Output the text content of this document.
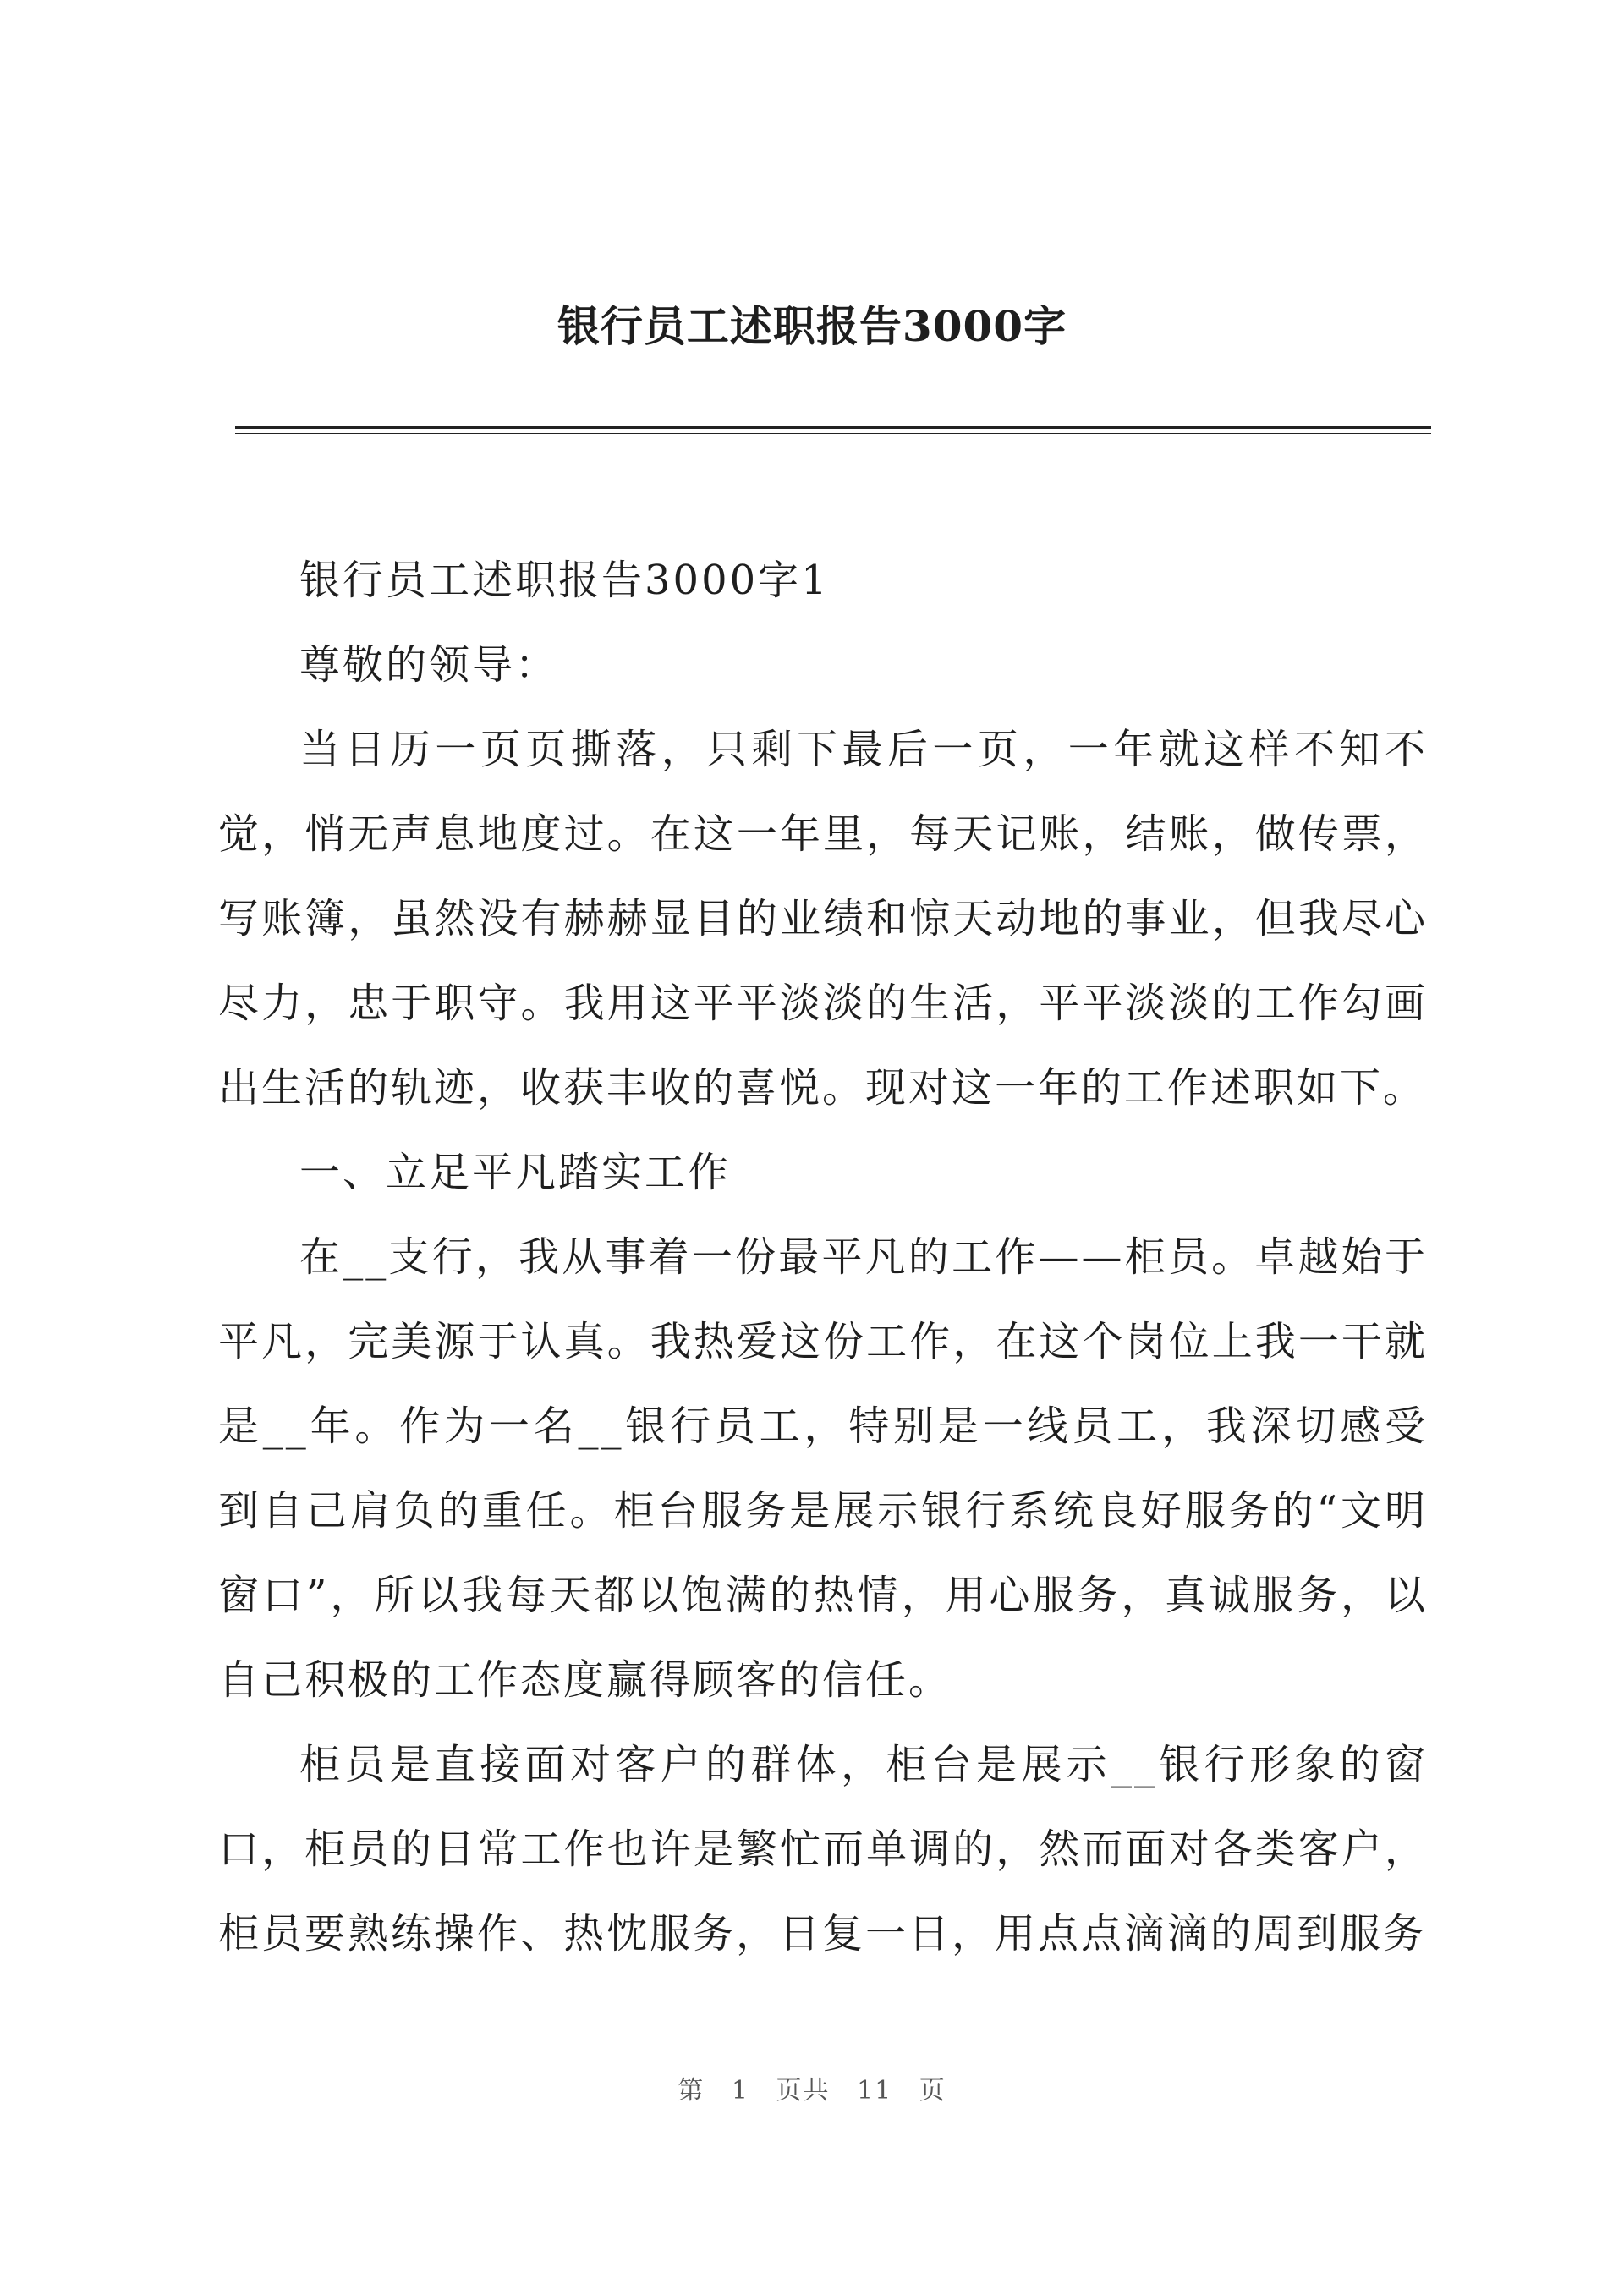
银行员工述职报告3000字

银行员工述职报告3000字1

尊敬的领导：

当日历一页页撕落，只剩下最后一页，一年就这样不知不觉，悄无声息地度过。在这一年里，每天记账，结账，做传票，写账簿，虽然没有赫赫显目的业绩和惊天动地的事业，但我尽心尽力，忠于职守。我用这平平淡淡的生活，平平淡淡的工作勾画出生活的轨迹，收获丰收的喜悦。现对这一年的工作述职如下。

一、立足平凡踏实工作

在__支行，我从事着一份最平凡的工作——柜员。卓越始于平凡，完美源于认真。我热爱这份工作，在这个岗位上我一干就是__年。作为一名__银行员工，特别是一线员工，我深切感受到自己肩负的重任。柜台服务是展示银行系统良好服务的“文明窗口”，所以我每天都以饱满的热情，用心服务，真诚服务，以自己积极的工作态度赢得顾客的信任。

柜员是直接面对客户的群体，柜台是展示__银行形象的窗口，柜员的日常工作也许是繁忙而单调的，然而面对各类客户，柜员要熟练操作、热忱服务，日复一日，用点点滴滴的周到服务

第 1 页共 11 页
